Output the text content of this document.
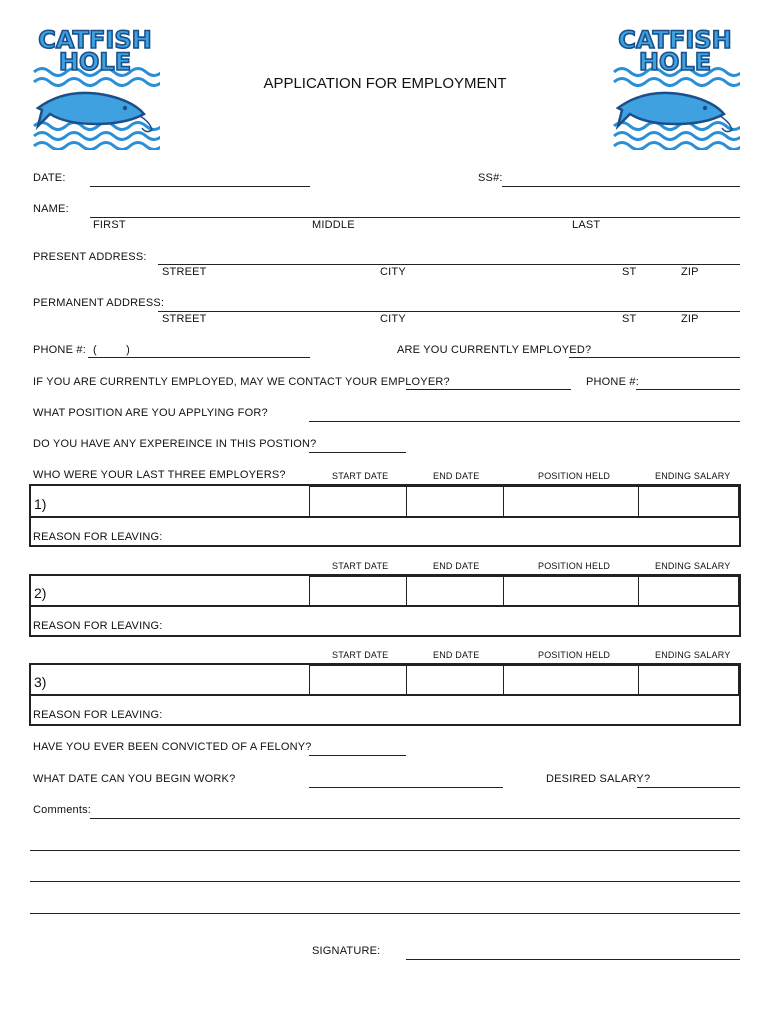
CATFISH
HOLE
CATFISH
HOLE
APPLICATION FOR EMPLOYMENT
DATE:	SS#:
NAME:
FIRST	MIDDLE	LAST
PRESENT ADDRESS:
STREET	CITY	ST	ZIP
PERMANENT ADDRESS:
STREET	CITY	ST	ZIP
PHONE #: (         )	ARE YOU CURRENTLY EMPLOYED?
IF YOU ARE CURRENTLY EMPLOYED, MAY WE CONTACT YOUR EMPLOYER?	PHONE #:
WHAT POSITION ARE YOU APPLYING FOR?
DO YOU HAVE ANY EXPEREINCE IN THIS POSTION?
WHO WERE YOUR LAST THREE EMPLOYERS?	START DATE	END DATE	POSITION HELD	ENDING SALARY
1)
REASON FOR LEAVING:
START DATE	END DATE	POSITION HELD	ENDING SALARY
2)
REASON FOR LEAVING:
START DATE	END DATE	POSITION HELD	ENDING SALARY
3)
REASON FOR LEAVING:
HAVE YOU EVER BEEN CONVICTED OF A FELONY?
WHAT DATE CAN YOU BEGIN WORK?	DESIRED SALARY?
Comments:
SIGNATURE:
